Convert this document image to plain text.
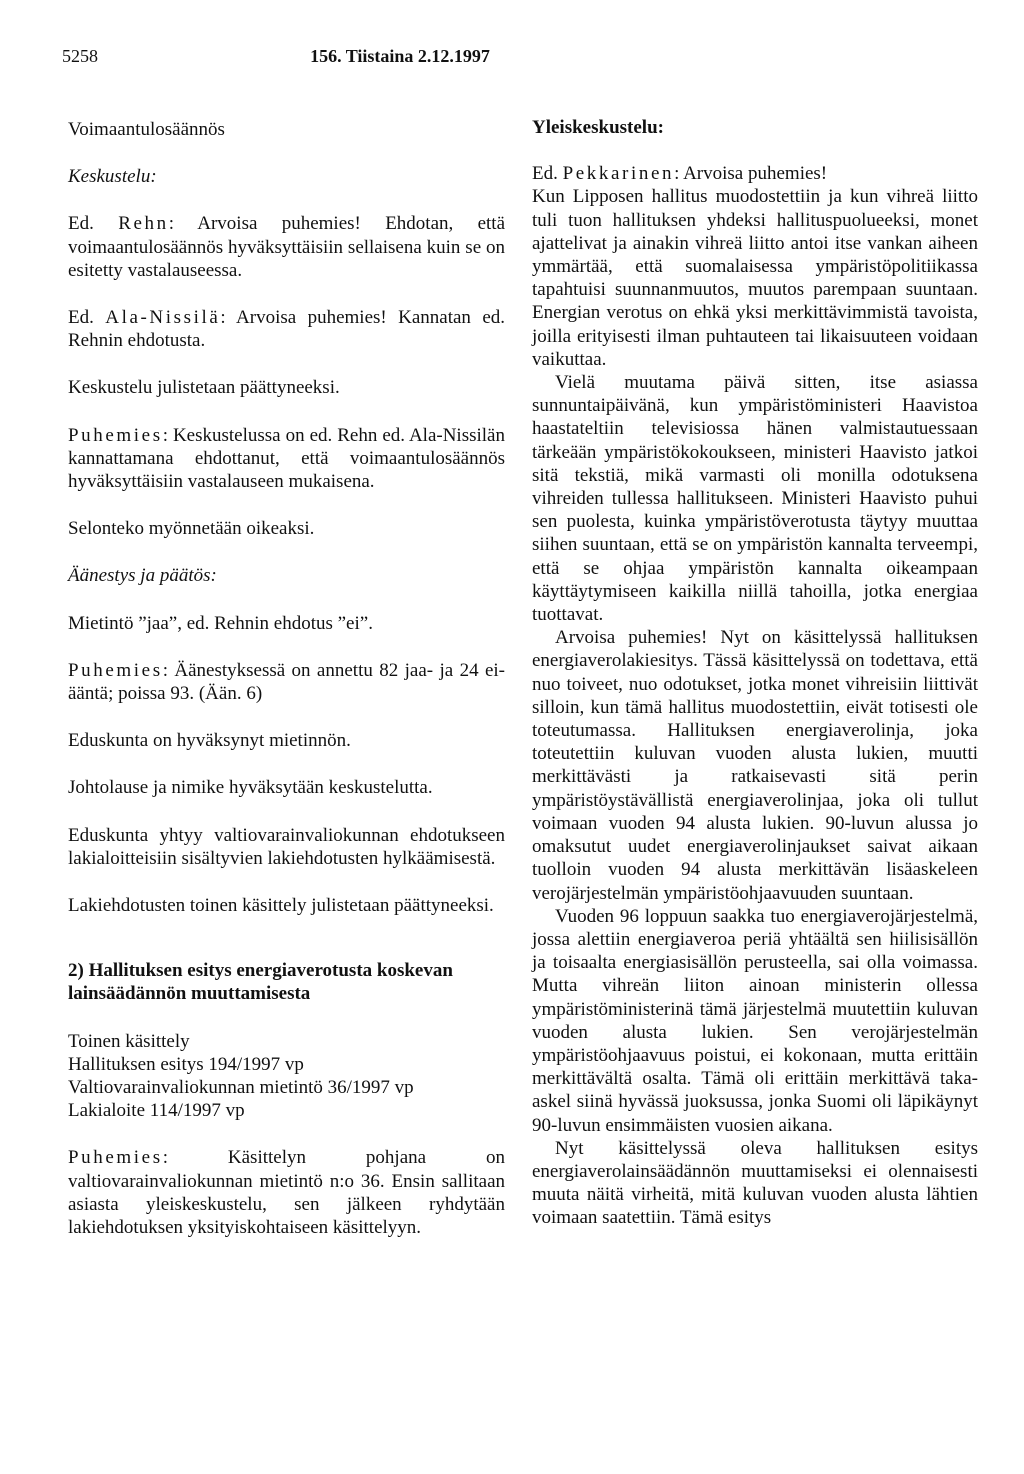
5258	156. Tiistaina 2.12.1997

Voimaantulosäännös

Keskustelu:

Ed. Rehn: Arvoisa puhemies! Ehdotan, että voimaantulosäännös hyväksyttäisiin sellaisena kuin se on esitetty vastalauseessa.

Ed. Ala-Nissilä: Arvoisa puhemies! Kannatan ed. Rehnin ehdotusta.

Keskustelu julistetaan päättyneeksi.

Puhemies: Keskustelussa on ed. Rehn ed. Ala-Nissilän kannattamana ehdottanut, että voimaantulosäännös hyväksyttäisiin vastalauseen mukaisena.

Selonteko myönnetään oikeaksi.

Äänestys ja päätös:

Mietintö ”jaa”, ed. Rehnin ehdotus ”ei”.

Puhemies: Äänestyksessä on annettu 82 jaa- ja 24 ei-ääntä; poissa 93. (Ään. 6)

Eduskunta on hyväksynyt mietinnön.

Johtolause ja nimike hyväksytään keskustelutta.

Eduskunta yhtyy valtiovarainvaliokunnan ehdotukseen lakialoitteisiin sisältyvien lakiehdotusten hylkäämisestä.

Lakiehdotusten toinen käsittely julistetaan päättyneeksi.

2) Hallituksen esitys energiaverotusta koskevan lainsäädännön muuttamisesta

Toinen käsittely

Hallituksen esitys 194/1997 vp

Valtiovarainvaliokunnan mietintö 36/1997 vp

Lakialoite 114/1997 vp

Puhemies: Käsittelyn pohjana on valtiovarainvaliokunnan mietintö n:o 36. Ensin sallitaan asiasta yleiskeskustelu, sen jälkeen ryhdytään lakiehdotuksen yksityiskohtaiseen käsittelyyn.

Yleiskeskustelu:

Ed. Pekkarinen: Arvoisa puhemies!

Kun Lipposen hallitus muodostettiin ja kun vihreä liitto tuli tuon hallituksen yhdeksi hallituspuolueeksi, monet ajattelivat ja ainakin vihreä liitto antoi itse vankan aiheen ymmärtää, että suomalaisessa ympäristöpolitiikassa tapahtuisi suunnanmuutos, muutos parempaan suuntaan. Energian verotus on ehkä yksi merkittävimmistä tavoista, joilla erityisesti ilman puhtauteen tai likaisuuteen voidaan vaikuttaa.

Vielä muutama päivä sitten, itse asiassa sunnuntaipäivänä, kun ympäristöministeri Haavistoa haastateltiin televisiossa hänen valmistautuessaan tärkeään ympäristökokoukseen, ministeri Haavisto jatkoi sitä tekstiä, mikä varmasti oli monilla odotuksena vihreiden tullessa hallitukseen. Ministeri Haavisto puhui sen puolesta, kuinka ympäristöverotusta täytyy muuttaa siihen suuntaan, että se on ympäristön kannalta terveempi, että se ohjaa ympäristön kannalta oikeampaan käyttäytymiseen kaikilla niillä tahoilla, jotka energiaa tuottavat.

Arvoisa puhemies! Nyt on käsittelyssä hallituksen energiaverolakiesitys. Tässä käsittelyssä on todettava, että nuo toiveet, nuo odotukset, jotka monet vihreisiin liittivät silloin, kun tämä hallitus muodostettiin, eivät totisesti ole toteutumassa. Hallituksen energiaverolinja, joka toteutettiin kuluvan vuoden alusta lukien, muutti merkittävästi ja ratkaisevasti sitä perin ympäristöystävällistä energiaverolinjaa, joka oli tullut voimaan vuoden 94 alusta lukien. 90-luvun alussa jo omaksutut uudet energiaverolinjaukset saivat aikaan tuolloin vuoden 94 alusta merkittävän lisäaskeleen verojärjestelmän ympäristöohjaavuuden suuntaan.

Vuoden 96 loppuun saakka tuo energiaverojärjestelmä, jossa alettiin energiaveroa periä yhtäältä sen hiilisisällön ja toisaalta energiasisällön perusteella, sai olla voimassa. Mutta vihreän liiton ainoan ministerin ollessa ympäristöministerinä tämä järjestelmä muutettiin kuluvan vuoden alusta lukien. Sen verojärjestelmän ympäristöohjaavuus poistui, ei kokonaan, mutta erittäin merkittävältä osalta. Tämä oli erittäin merkittävä taka-askel siinä hyvässä juoksussa, jonka Suomi oli läpikäynyt 90-luvun ensimmäisten vuosien aikana.

Nyt käsittelyssä oleva hallituksen esitys energiaverolainsäädännön muuttamiseksi ei olennaisesti muuta näitä virheitä, mitä kuluvan vuoden alusta lähtien voimaan saatettiin. Tämä esitys
